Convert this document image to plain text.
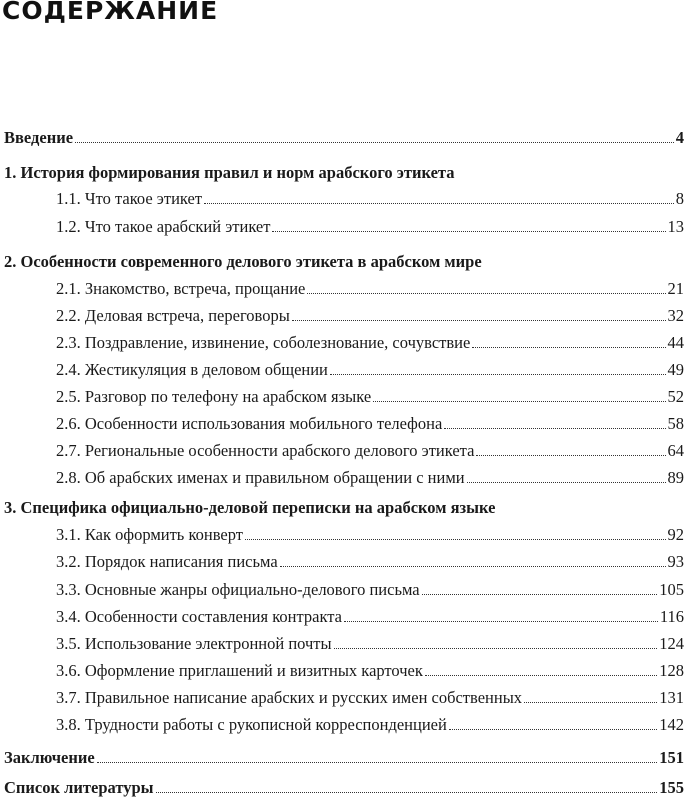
СОДЕРЖАНИЕ
Введение	4
1. История формирования правил и норм арабского этикета
1.1. Что такое этикет	8
1.2. Что такое арабский этикет	13
2. Особенности современного делового этикета в арабском мире
2.1. Знакомство, встреча, прощание	21
2.2. Деловая встреча, переговоры	32
2.3. Поздравление, извинение, соболезнование, сочувствие	44
2.4. Жестикуляция в деловом общении	49
2.5. Разговор по телефону на арабском языке	52
2.6. Особенности использования мобильного телефона	58
2.7. Региональные особенности арабского делового этикета	64
2.8. Об арабских именах и правильном обращении с ними	89
3. Специфика официально-деловой переписки на арабском языке
3.1. Как оформить конверт	92
3.2. Порядок написания письма	93
3.3. Основные жанры официально-делового письма	105
3.4. Особенности составления контракта	116
3.5. Использование электронной почты	124
3.6. Оформление приглашений и визитных карточек	128
3.7. Правильное написание арабских и русских имен собственных	131
3.8. Трудности работы с рукописной корреспонденцией	142
Заключение	151
Список литературы	155
